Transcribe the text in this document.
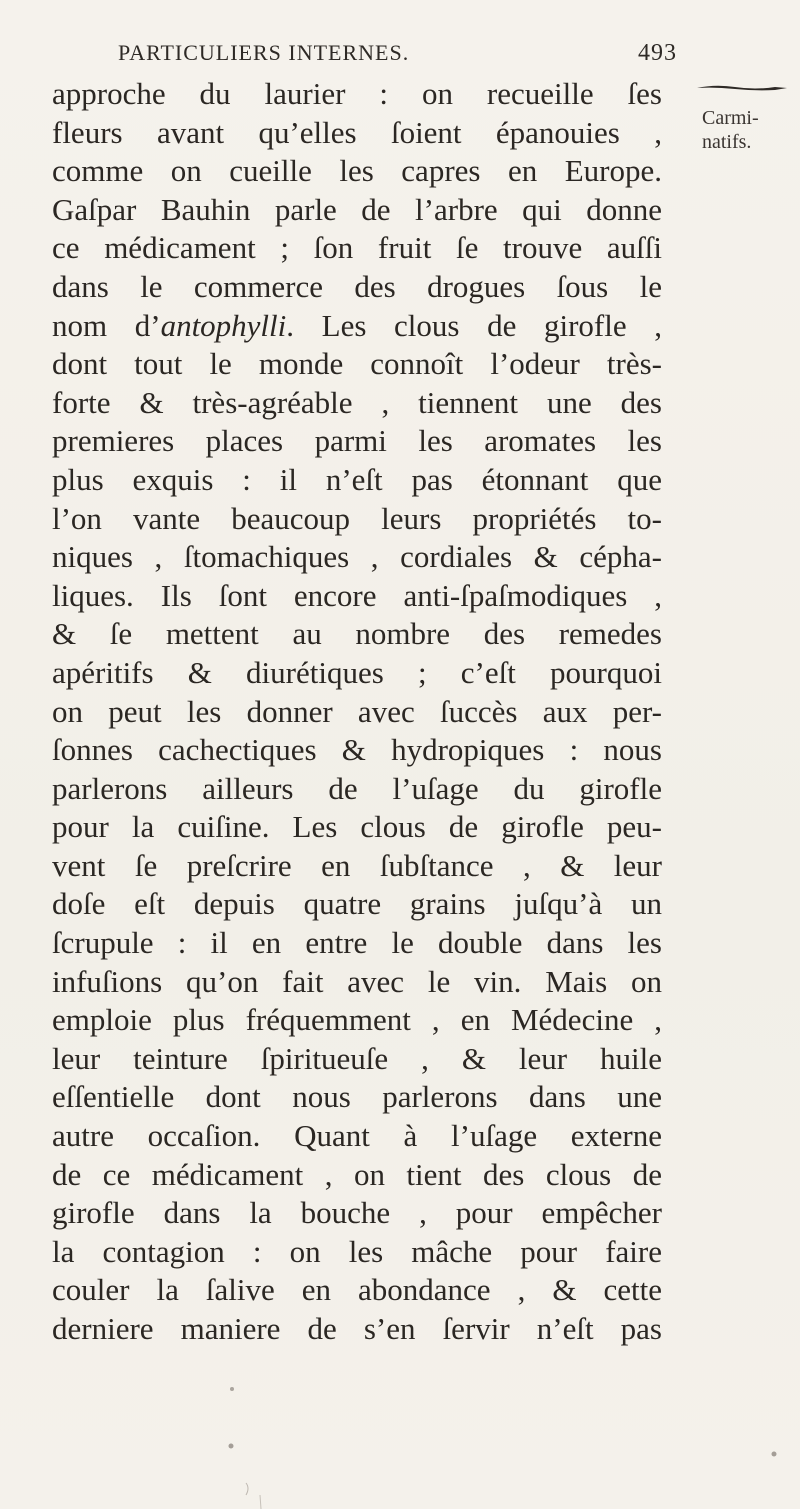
PARTICULIERS INTERNES.	493
Carmi-
natifs.
approche du laurier : on recueille ſes
fleurs avant qu’elles ſoient épanouies ,
comme on cueille les capres en Europe.
Gaſpar Bauhin parle de l’arbre qui donne
ce médicament ; ſon fruit ſe trouve auſſi
dans le commerce des drogues ſous le
nom d’antophylli. Les clous de girofle ,
dont tout le monde connoît l’odeur très-
forte & très-agréable , tiennent une des
premieres places parmi les aromates les
plus exquis : il n’eſt pas étonnant que
l’on vante beaucoup leurs propriétés to-
niques , ſtomachiques , cordiales & cépha-
liques. Ils ſont encore anti-ſpaſmodiques ,
& ſe mettent au nombre des remedes
apéritifs & diurétiques ; c’eſt pourquoi
on peut les donner avec ſuccès aux per-
ſonnes cachectiques & hydropiques : nous
parlerons ailleurs de l’uſage du girofle
pour la cuiſine. Les clous de girofle peu-
vent ſe preſcrire en ſubſtance , & leur
doſe eſt depuis quatre grains juſqu’à un
ſcrupule : il en entre le double dans les
infuſions qu’on fait avec le vin. Mais on
emploie plus fréquemment , en Médecine ,
leur teinture ſpiritueuſe , & leur huile
eſſentielle dont nous parlerons dans une
autre occaſion. Quant à l’uſage externe
de ce médicament , on tient des clous de
girofle dans la bouche , pour empêcher
la contagion : on les mâche pour faire
couler la ſalive en abondance , & cette
derniere maniere de s’en ſervir n’eſt pas
